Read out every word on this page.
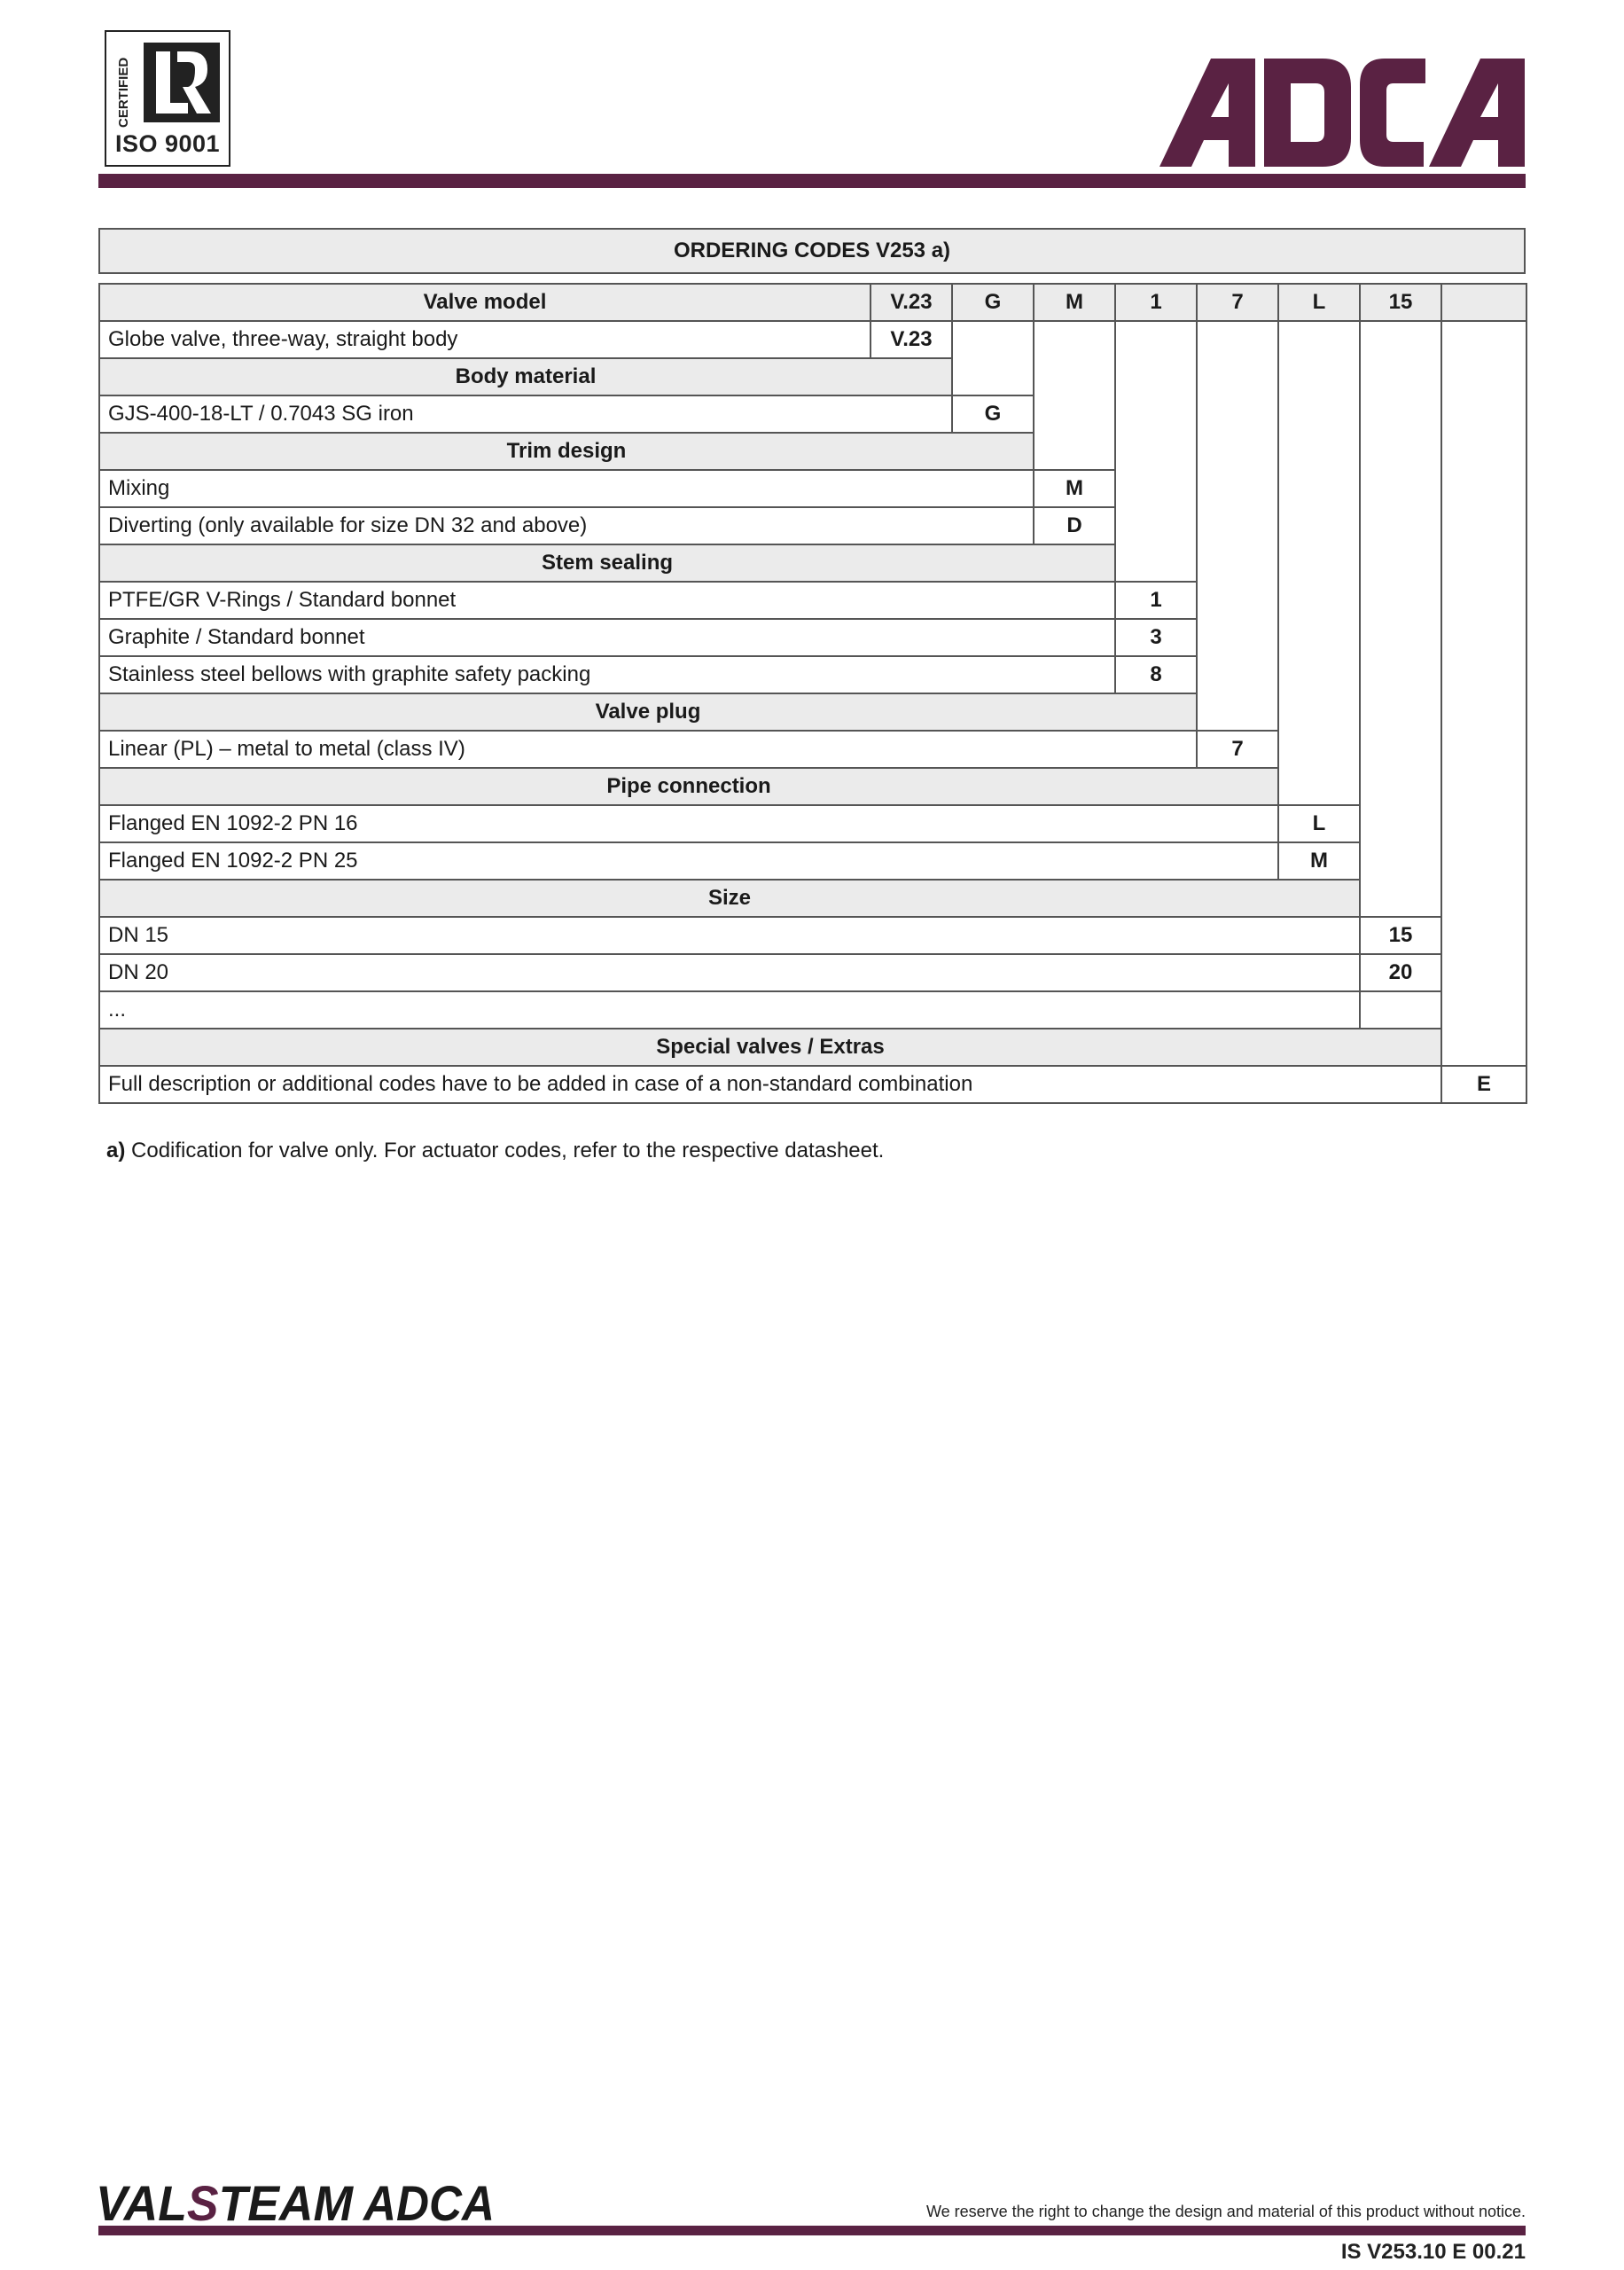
CERTIFIED
ISO 9001
ORDERING CODES V253 a)
Valve model	V.23	G	M	1	7	L	15	
Globe valve, three-way, straight body	V.23							
Body material								
GJS-400-18-LT / 0.7043 SG iron		G						
Trim design								
Mixing			M					
Diverting (only available for size DN 32 and above)			D					
Stem sealing								
PTFE/GR V-Rings / Standard bonnet				1				
Graphite / Standard bonnet				3				
Stainless steel bellows with graphite safety packing				8				
Valve plug								
Linear (PL) – metal to metal (class IV)					7			
Pipe connection								
Flanged EN 1092-2 PN 16						L		
Flanged EN 1092-2 PN 25						M		
Size								
DN 15							15	
DN 20							20	
...								
Special valves / Extras								
Full description or additional codes have to be added in case of a non-standard combination								E
a) Codification for valve only. For actuator codes, refer to the respective datasheet.
VALSTEAM ADCA	We reserve the right to change the design and material of this product without notice.
IS V253.10 E 00.21
